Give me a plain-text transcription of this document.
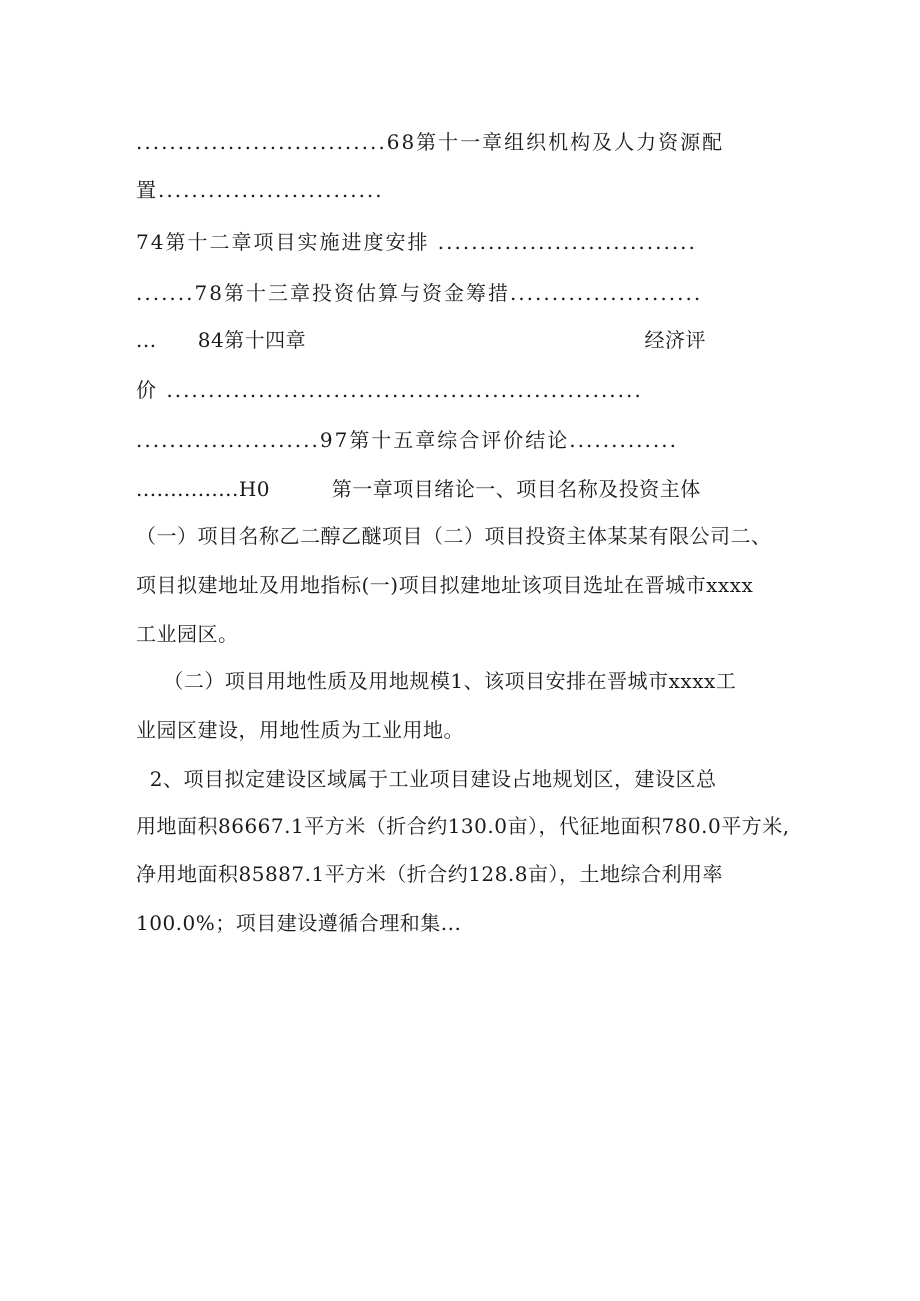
..............................68第十一章组织机构及人力资源配
置...........................
74第十二章项目实施进度安排 ...............................
.......78第十三章投资估算与资金筹措.......................
...      84第十四章	经济评
价 .........................................................
......................97第十五章综合评价结论.............
...............H0         第一章项目绪论一、项目名称及投资主体
（一）项目名称乙二醇乙醚项目（二）项目投资主体某某有限公司二、
项目拟建地址及用地指标(一)项目拟建地址该项目选址在晋城市xxxx
工业园区。
（二）项目用地性质及用地规模1、该项目安排在晋城市xxxx工
业园区建设，用地性质为工业用地。
2、项目拟定建设区域属于工业项目建设占地规划区，建设区总
用地面积86667.1平方米（折合约130.0亩），代征地面积780.0平方米,
净用地面积85887.1平方米（折合约128.8亩），土地综合利用率
100.0%；项目建设遵循合理和集...
